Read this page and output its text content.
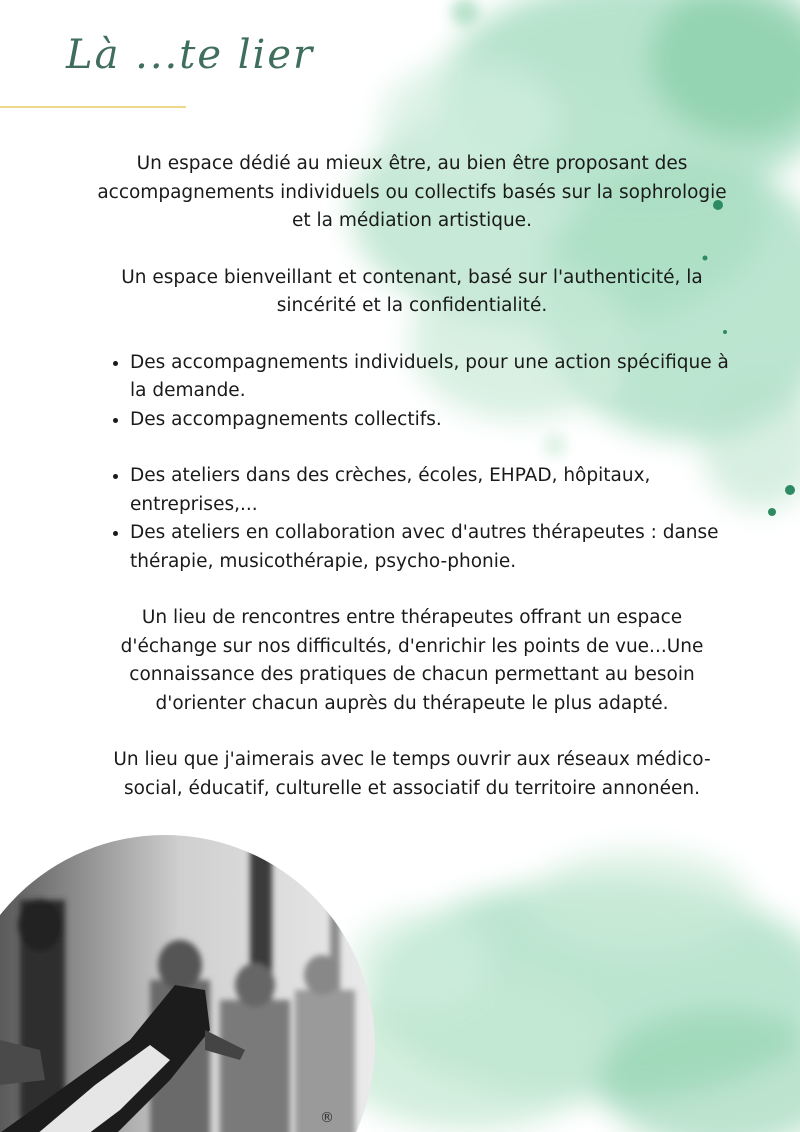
Là ...te lier

Un espace dédié au mieux être, au bien être proposant des accompagnements individuels ou collectifs basés sur la sophrologie et la médiation artistique.

Un espace bienveillant et contenant, basé sur l'authenticité, la sincérité et la confidentialité.

• Des accompagnements individuels, pour une action spécifique à la demande.
• Des accompagnements collectifs.
• Des ateliers dans des crèches, écoles, EHPAD, hôpitaux, entreprises,...
• Des ateliers en collaboration avec d'autres thérapeutes : danse thérapie, musicothérapie, psycho-phonie.

Un lieu de rencontres entre thérapeutes offrant un espace d'échange sur nos difficultés, d'enrichir les points de vue...Une connaissance des pratiques de chacun permettant au besoin d'orienter chacun auprès du thérapeute le plus adapté.

Un lieu que j'aimerais avec le temps ouvrir aux réseaux médico-social, éducatif, culturelle et associatif du territoire annonéen.

®
